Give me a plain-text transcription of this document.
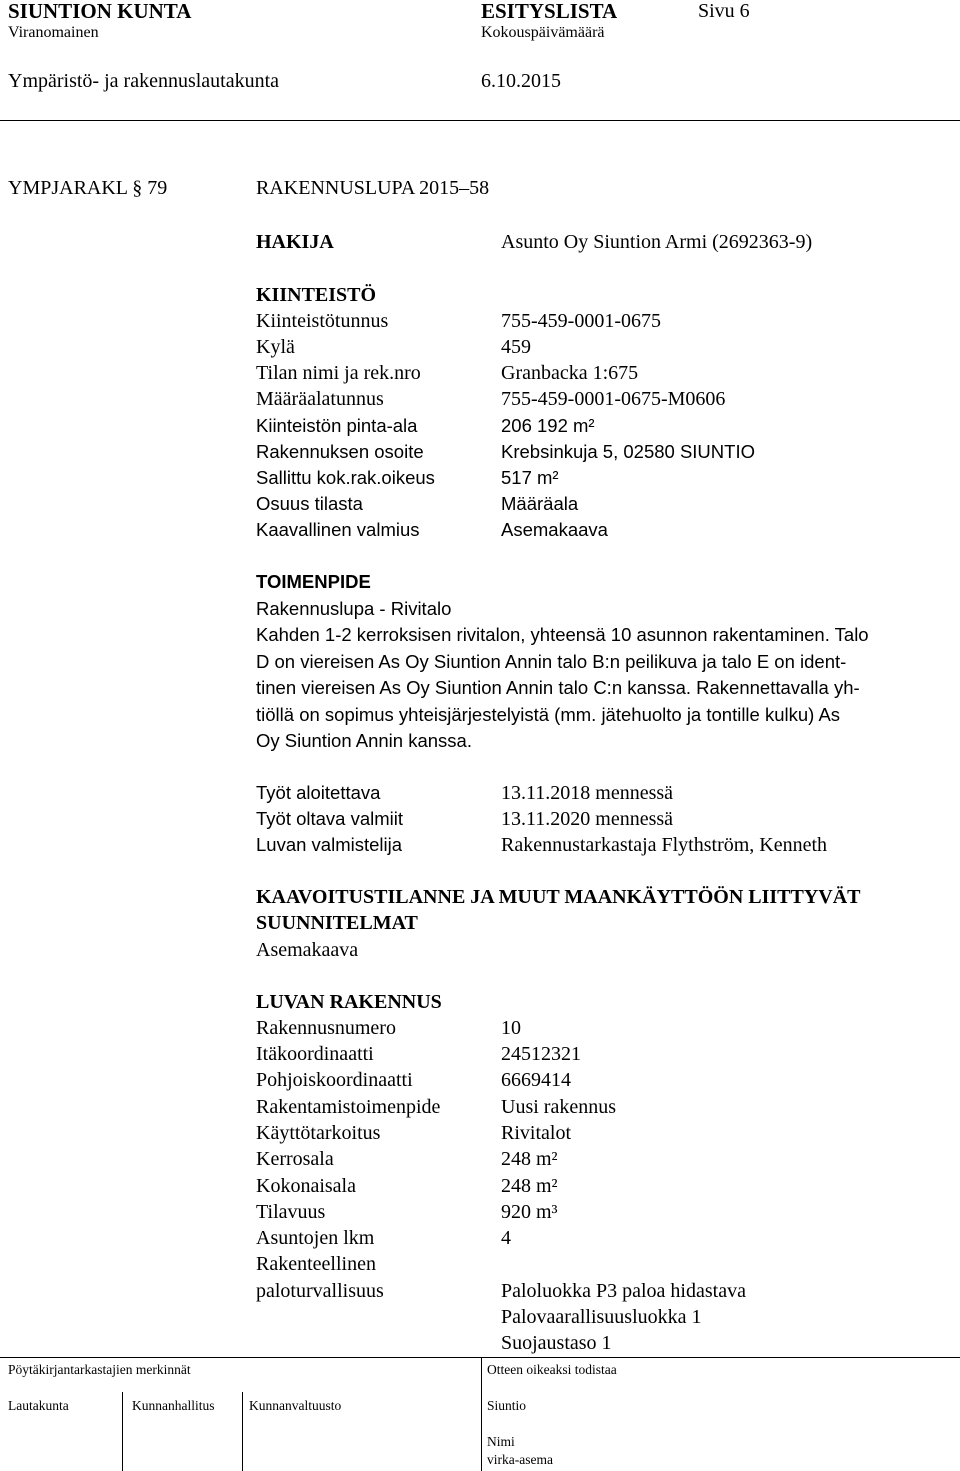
SIUNTION KUNTA	ESITYSLISTA	Sivu 6
Viranomainen	Kokouspäivämäärä
Ympäristö- ja rakennuslautakunta	6.10.2015
YMPJARAKL § 79	RAKENNUSLUPA 2015–58
HAKIJA	Asunto Oy Siuntion Armi (2692363-9)
KIINTEISTÖ
Kiinteistötunnus	755-459-0001-0675
Kylä	459
Tilan nimi ja rek.nro	Granbacka 1:675
Määräalatunnus	755-459-0001-0675-M0606
Kiinteistön pinta-ala	206 192 m²
Rakennuksen osoite	Krebsinkuja 5, 02580 SIUNTIO
Sallittu kok.rak.oikeus	517 m²
Osuus tilasta	Määräala
Kaavallinen valmius	Asemakaava
TOIMENPIDE
Rakennuslupa - Rivitalo
Kahden 1-2 kerroksisen rivitalon, yhteensä 10 asunnon rakentaminen. Talo
D on viereisen As Oy Siuntion Annin talo B:n peilikuva ja talo E on ident-
tinen viereisen As Oy Siuntion Annin talo C:n kanssa. Rakennettavalla yh-
tiöllä on sopimus yhteisjärjestelyistä (mm. jätehuolto ja tontille kulku) As
Oy Siuntion Annin kanssa.
Työt aloitettava	13.11.2018 mennessä
Työt oltava valmiit	13.11.2020 mennessä
Luvan valmistelija	Rakennustarkastaja Flythström, Kenneth
KAAVOITUSTILANNE JA MUUT MAANKÄYTTÖÖN LIITTYVÄT
SUUNNITELMAT
Asemakaava
LUVAN RAKENNUS
Rakennusnumero	10
Itäkoordinaatti	24512321
Pohjoiskoordinaatti	6669414
Rakentamistoimenpide	Uusi rakennus
Käyttötarkoitus	Rivitalot
Kerrosala	248 m²
Kokonaisala	248 m²
Tilavuus	920 m³
Asuntojen lkm	4
Rakenteellinen
paloturvallisuus	Paloluokka P3 paloa hidastava
Palovaarallisuusluokka 1
Suojaustaso 1
Pöytäkirjantarkastajien merkinnät	Otteen oikeaksi todistaa
Lautakunta	Kunnanhallitus	Kunnanvaltuusto	Siuntio
Nimi
virka-asema
